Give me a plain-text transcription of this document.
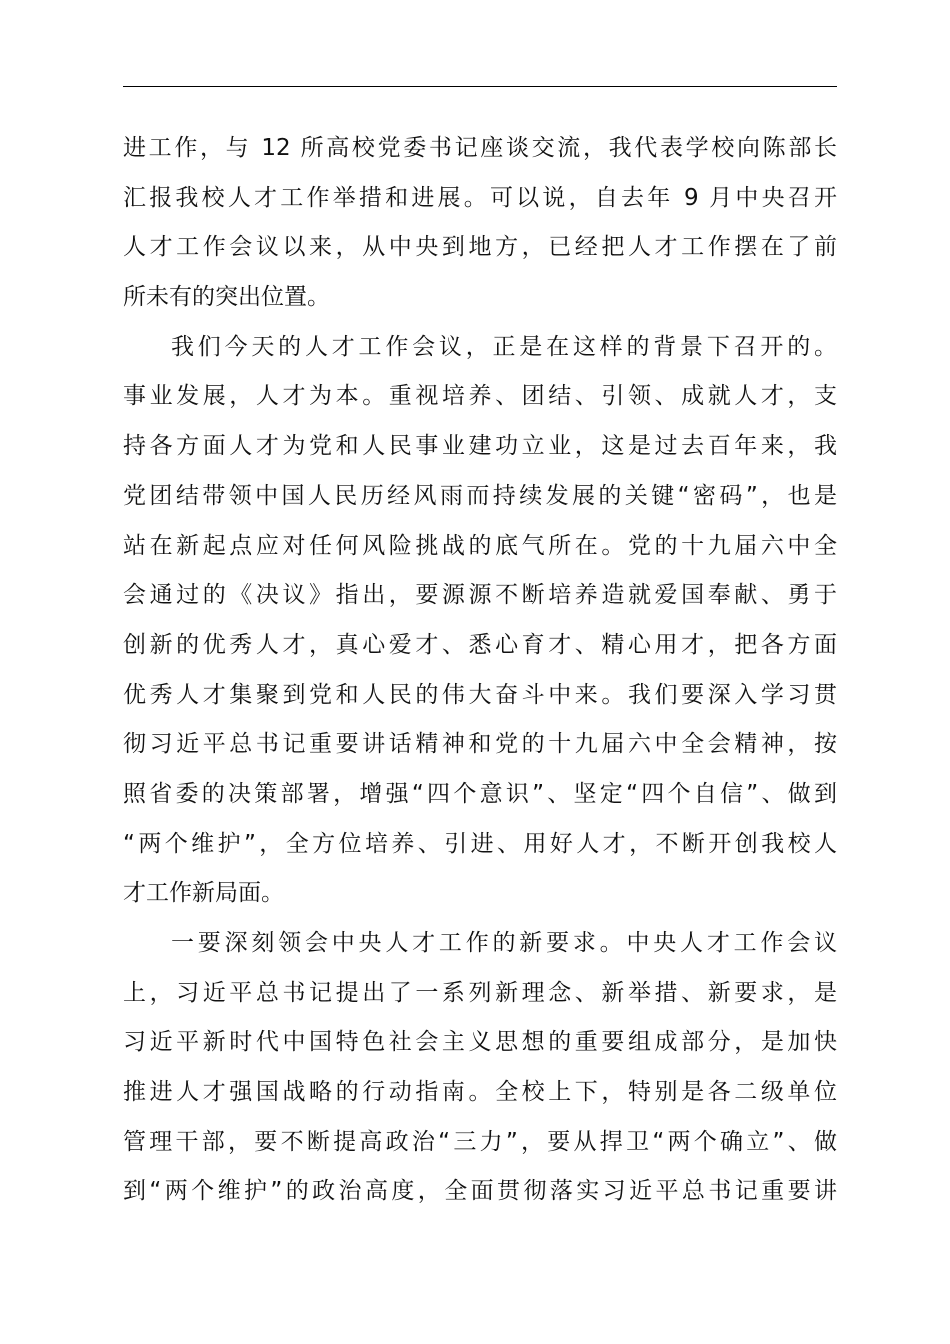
进工作，与 12 所高校党委书记座谈交流，我代表学校向陈部长
汇报我校人才工作举措和进展。可以说，自去年 9 月中央召开
人才工作会议以来，从中央到地方，已经把人才工作摆在了前
所未有的突出位置。
我们今天的人才工作会议，正是在这样的背景下召开的。
事业发展，人才为本。重视培养、团结、引领、成就人才，支
持各方面人才为党和人民事业建功立业，这是过去百年来，我
党团结带领中国人民历经风雨而持续发展的关键“密码”，也是
站在新起点应对任何风险挑战的底气所在。党的十九届六中全
会通过的《决议》指出，要源源不断培养造就爱国奉献、勇于
创新的优秀人才，真心爱才、悉心育才、精心用才，把各方面
优秀人才集聚到党和人民的伟大奋斗中来。我们要深入学习贯
彻习近平总书记重要讲话精神和党的十九届六中全会精神，按
照省委的决策部署，增强“四个意识”、坚定“四个自信”、做到
“两个维护”，全方位培养、引进、用好人才，不断开创我校人
才工作新局面。
一要深刻领会中央人才工作的新要求。中央人才工作会议
上，习近平总书记提出了一系列新理念、新举措、新要求，是
习近平新时代中国特色社会主义思想的重要组成部分，是加快
推进人才强国战略的行动指南。全校上下，特别是各二级单位
管理干部，要不断提高政治“三力”，要从捍卫“两个确立”、做
到“两个维护”的政治高度，全面贯彻落实习近平总书记重要讲
